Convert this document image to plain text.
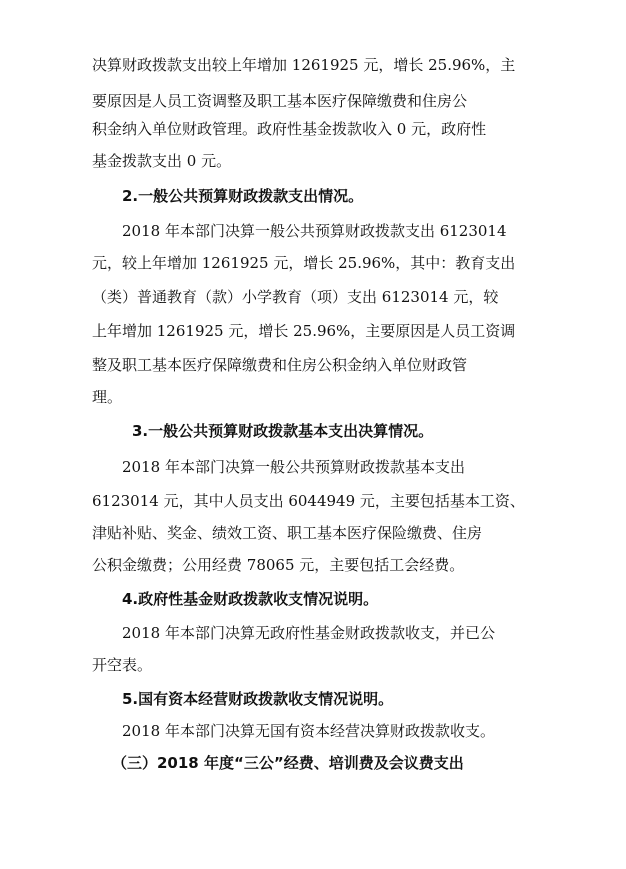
决算财政拨款支出较上年增加 1261925 元，增长 25.96%，主
要原因是人员工资调整及职工基本医疗保障缴费和住房公
积金纳入单位财政管理。政府性基金拨款收入 0 元，政府性
基金拨款支出 0 元。
2.一般公共预算财政拨款支出情况。
2018 年本部门决算一般公共预算财政拨款支出 6123014
元，较上年增加 1261925 元，增长 25.96%，其中：教育支出
（类）普通教育（款）小学教育（项）支出 6123014 元，较
上年增加 1261925 元，增长 25.96%，主要原因是人员工资调
整及职工基本医疗保障缴费和住房公积金纳入单位财政管
理。
3.一般公共预算财政拨款基本支出决算情况。
2018 年本部门决算一般公共预算财政拨款基本支出
6123014 元，其中人员支出 6044949 元，主要包括基本工资、
津贴补贴、奖金、绩效工资、职工基本医疗保险缴费、住房
公积金缴费；公用经费 78065 元，主要包括工会经费。
4.政府性基金财政拨款收支情况说明。
2018 年本部门决算无政府性基金财政拨款收支，并已公
开空表。
5.国有资本经营财政拨款收支情况说明。
2018 年本部门决算无国有资本经营决算财政拨款收支。
（三）2018 年度“三公”经费、培训费及会议费支出
